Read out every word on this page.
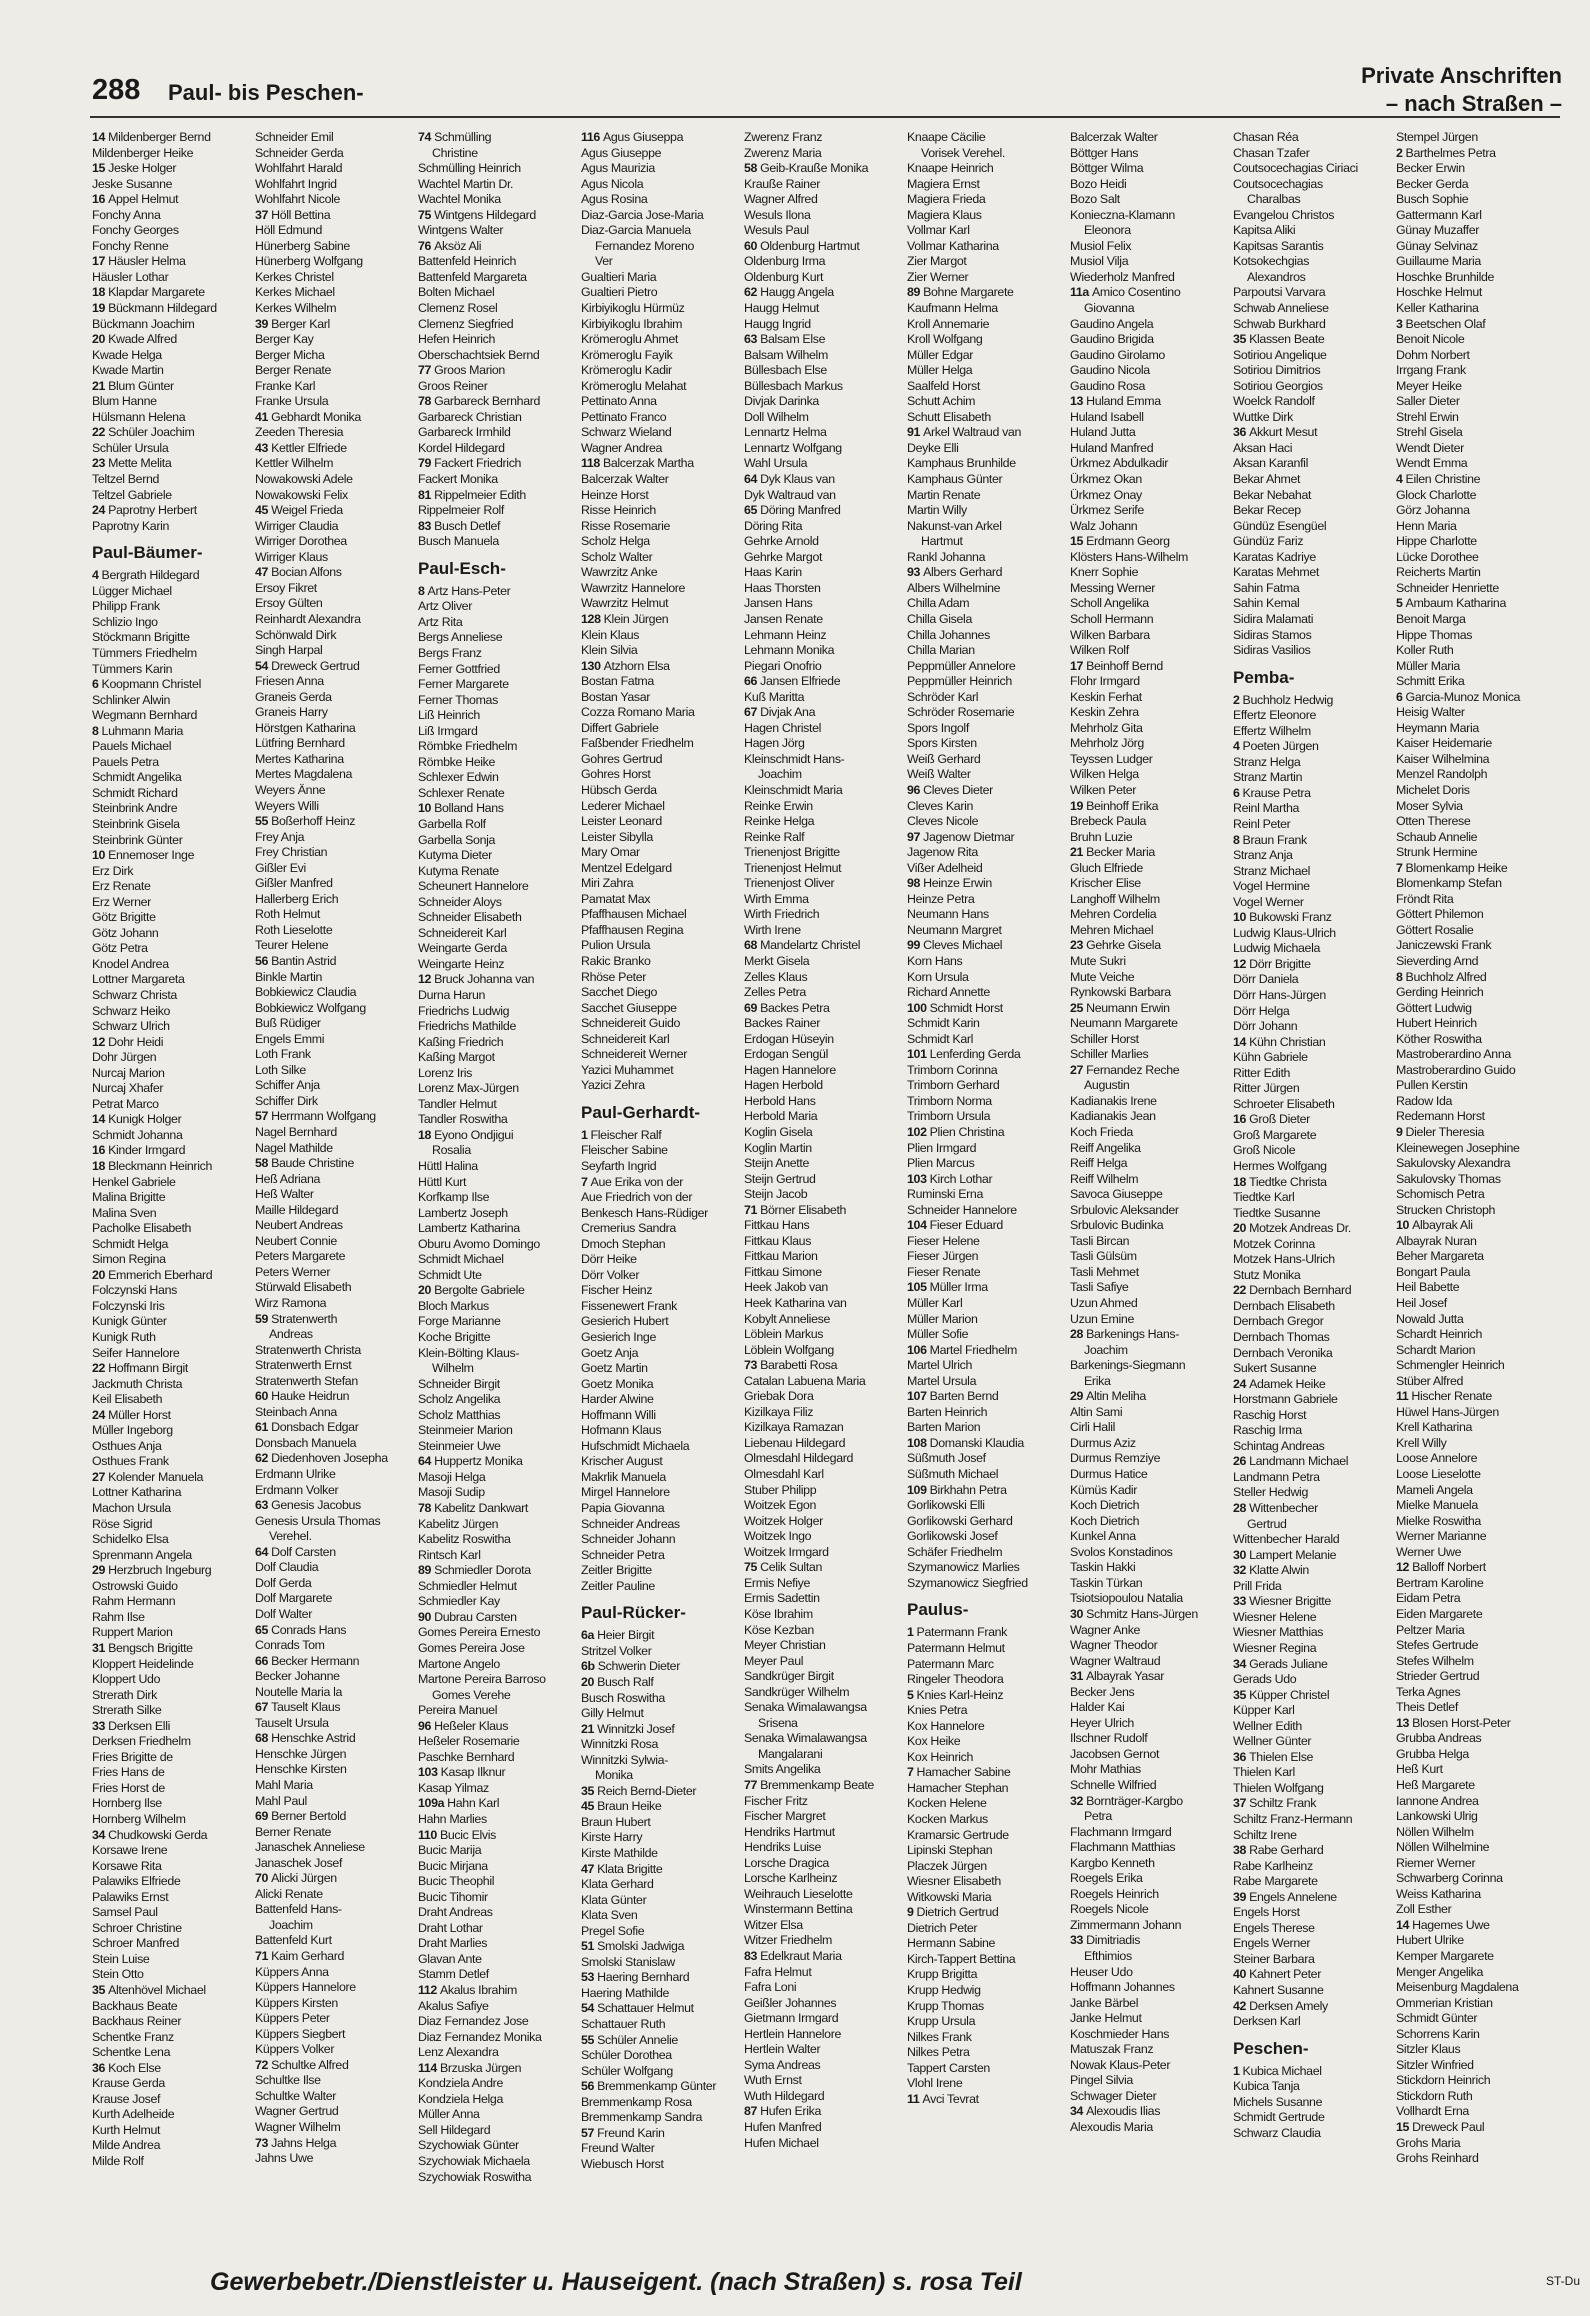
288 Paul- bis Peschen-
Private Anschriften
– nach Straßen –
14 Mildenberger Bernd
Mildenberger Heike
15 Jeske Holger
Jeske Susanne
16 Appel Helmut
Fonchy Anna
Fonchy Georges
Fonchy Renne
17 Häusler Helma
Häusler Lothar
18 Klapdar Margarete
19 Bückmann Hildegard
Bückmann Joachim
20 Kwade Alfred
Kwade Helga
Kwade Martin
21 Blum Günter
Blum Hanne
Hülsmann Helena
22 Schüler Joachim
Schüler Ursula
23 Mette Melita
Teltzel Bernd
Teltzel Gabriele
24 Paprotny Herbert
Paprotny Karin
Paul-Bäumer-
4 Bergrath Hildegard
Lügger Michael
Philipp Frank
Schlizio Ingo
Stöckmann Brigitte
Tümmers Friedhelm
Tümmers Karin
6 Koopmann Christel
Schlinker Alwin
Wegmann Bernhard
8 Luhmann Maria
Pauels Michael
Pauels Petra
Schmidt Angelika
Schmidt Richard
Steinbrink Andre
Steinbrink Gisela
Steinbrink Günter
10 Ennemoser Inge
Erz Dirk
Erz Renate
Erz Werner
Götz Brigitte
Götz Johann
Götz Petra
Knodel Andrea
Lottner Margareta
Schwarz Christa
Schwarz Heiko
Schwarz Ulrich
12 Dohr Heidi
Dohr Jürgen
Nurcaj Marion
Nurcaj Xhafer
Petrat Marco
14 Kunigk Holger
Schmidt Johanna
16 Kinder Irmgard
18 Bleckmann Heinrich
Henkel Gabriele
Malina Brigitte
Malina Sven
Pacholke Elisabeth
Schmidt Helga
Simon Regina
20 Emmerich Eberhard
Folczynski Hans
Folczynski Iris
Kunigk Günter
Kunigk Ruth
Seifer Hannelore
22 Hoffmann Birgit
Jackmuth Christa
Keil Elisabeth
24 Müller Horst
Müller Ingeborg
Osthues Anja
Osthues Frank
27 Kolender Manuela
Lottner Katharina
Machon Ursula
Röse Sigrid
Schidelko Elsa
Sprenmann Angela
29 Herzbruch Ingeburg
Ostrowski Guido
Rahm Hermann
Rahm Ilse
Ruppert Marion
31 Bengsch Brigitte
Kloppert Heidelinde
Kloppert Udo
Strerath Dirk
Strerath Silke
33 Derksen Elli
Derksen Friedhelm
Fries Brigitte de
Fries Hans de
Fries Horst de
Hornberg Ilse
Hornberg Wilhelm
34 Chudkowski Gerda
Korsawe Irene
Korsawe Rita
Palawiks Elfriede
Palawiks Ernst
Samsel Paul
Schroer Christine
Schroer Manfred
Stein Luise
Stein Otto
35 Altenhövel Michael
Backhaus Beate
Backhaus Reiner
Schentke Franz
Schentke Lena
36 Koch Else
Krause Gerda
Krause Josef
Kurth Adelheide
Kurth Helmut
Milde Andrea
Milde Rolf
Schneider Emil
Schneider Gerda
Wohlfahrt Harald
Wohlfahrt Ingrid
Wohlfahrt Nicole
37 Höll Bettina
Höll Edmund
Hünerberg Sabine
Hünerberg Wolfgang
Kerkes Christel
Kerkes Michael
Kerkes Wilhelm
39 Berger Karl
Berger Kay
Berger Micha
Berger Renate
Franke Karl
Franke Ursula
41 Gebhardt Monika
Zeeden Theresia
43 Kettler Elfriede
Kettler Wilhelm
Nowakowski Adele
Nowakowski Felix
45 Weigel Frieda
Wirriger Claudia
Wirriger Dorothea
Wirriger Klaus
47 Bocian Alfons
Ersoy Fikret
Ersoy Gülten
Reinhardt Alexandra
Schönwald Dirk
Singh Harpal
54 Dreweck Gertrud
Friesen Anna
Graneis Gerda
Graneis Harry
Hörstgen Katharina
Lütfring Bernhard
Mertes Katharina
Mertes Magdalena
Weyers Änne
Weyers Willi
55 Boßerhoff Heinz
Frey Anja
Frey Christian
Gißler Evi
Gißler Manfred
Hallerberg Erich
Roth Helmut
Roth Lieselotte
Teurer Helene
56 Bantin Astrid
Binkle Martin
Bobkiewicz Claudia
Bobkiewicz Wolfgang
Buß Rüdiger
Engels Emmi
Loth Frank
Loth Silke
Schiffer Anja
Schiffer Dirk
57 Herrmann Wolfgang
Nagel Bernhard
Nagel Mathilde
58 Baude Christine
Heß Adriana
Heß Walter
Maille Hildegard
Neubert Andreas
Neubert Connie
Peters Margarete
Peters Werner
Stürwald Elisabeth
Wirz Ramona
59 Stratenwerth
Andreas
Stratenwerth Christa
Stratenwerth Ernst
Stratenwerth Stefan
60 Hauke Heidrun
Steinbach Anna
61 Donsbach Edgar
Donsbach Manuela
62 Diedenhoven Josepha
Erdmann Ulrike
Erdmann Volker
63 Genesis Jacobus
Genesis Ursula Thomas
Verehel.
64 Dolf Carsten
Dolf Claudia
Dolf Gerda
Dolf Margarete
Dolf Walter
65 Conrads Hans
Conrads Tom
66 Becker Hermann
Becker Johanne
Noutelle Maria la
67 Tauselt Klaus
Tauselt Ursula
68 Henschke Astrid
Henschke Jürgen
Henschke Kirsten
Mahl Maria
Mahl Paul
69 Berner Bertold
Berner Renate
Janaschek Anneliese
Janaschek Josef
70 Alicki Jürgen
Alicki Renate
Battenfeld Hans-
Joachim
Battenfeld Kurt
71 Kaim Gerhard
Küppers Anna
Küppers Hannelore
Küppers Kirsten
Küppers Peter
Küppers Siegbert
Küppers Volker
72 Schultke Alfred
Schultke Ilse
Schultke Walter
Wagner Gertrud
Wagner Wilhelm
73 Jahns Helga
Jahns Uwe
74 Schmülling
Christine
Schmülling Heinrich
Wachtel Martin Dr.
Wachtel Monika
75 Wintgens Hildegard
Wintgens Walter
76 Aksöz Ali
Battenfeld Heinrich
Battenfeld Margareta
Bolten Michael
Clemenz Rosel
Clemenz Siegfried
Hefen Heinrich
Oberschachtsiek Bernd
77 Groos Marion
Groos Reiner
78 Garbareck Bernhard
Garbareck Christian
Garbareck Irmhild
Kordel Hildegard
79 Fackert Friedrich
Fackert Monika
81 Rippelmeier Edith
Rippelmeier Rolf
83 Busch Detlef
Busch Manuela
Paul-Esch-
8 Artz Hans-Peter
Artz Oliver
Artz Rita
Bergs Anneliese
Bergs Franz
Ferner Gottfried
Ferner Margarete
Ferner Thomas
Liß Heinrich
Liß Irmgard
Römbke Friedhelm
Römbke Heike
Schlexer Edwin
Schlexer Renate
10 Bolland Hans
Garbella Rolf
Garbella Sonja
Kutyma Dieter
Kutyma Renate
Scheunert Hannelore
Schneider Aloys
Schneider Elisabeth
Schneidereit Karl
Weingarte Gerda
Weingarte Heinz
12 Bruck Johanna van
Durna Harun
Friedrichs Ludwig
Friedrichs Mathilde
Kaßing Friedrich
Kaßing Margot
Lorenz Iris
Lorenz Max-Jürgen
Tandler Helmut
Tandler Roswitha
18 Eyono Ondjigui
Rosalia
Hüttl Halina
Hüttl Kurt
Korfkamp Ilse
Lambertz Joseph
Lambertz Katharina
Oburu Avomo Domingo
Schmidt Michael
Schmidt Ute
20 Bergolte Gabriele
Bloch Markus
Forge Marianne
Koche Brigitte
Klein-Bölting Klaus-
Wilhelm
Schneider Birgit
Scholz Angelika
Scholz Matthias
Steinmeier Marion
Steinmeier Uwe
64 Huppertz Monika
Masoji Helga
Masoji Sudip
78 Kabelitz Dankwart
Kabelitz Jürgen
Kabelitz Roswitha
Rintsch Karl
89 Schmiedler Dorota
Schmiedler Helmut
Schmiedler Kay
90 Dubrau Carsten
Gomes Pereira Ernesto
Gomes Pereira Jose
Martone Angelo
Martone Pereira Barroso
Gomes Verehe
Pereira Manuel
96 Heßeler Klaus
Heßeler Rosemarie
Paschke Bernhard
103 Kasap Ilknur
Kasap Yilmaz
109a Hahn Karl
Hahn Marlies
110 Bucic Elvis
Bucic Marija
Bucic Mirjana
Bucic Theophil
Bucic Tihomir
Draht Andreas
Draht Lothar
Draht Marlies
Glavan Ante
Stamm Detlef
112 Akalus Ibrahim
Akalus Safiye
Diaz Fernandez Jose
Diaz Fernandez Monika
Lenz Alexandra
114 Brzuska Jürgen
Kondziela Andre
Kondziela Helga
Müller Anna
Sell Hildegard
Szychowiak Günter
Szychowiak Michaela
Szychowiak Roswitha
116 Agus Giuseppa
Agus Giuseppe
Agus Maurizia
Agus Nicola
Agus Rosina
Diaz-Garcia Jose-Maria
Diaz-Garcia Manuela
Fernandez Moreno
Ver
Gualtieri Maria
Gualtieri Pietro
Kirbiyikoglu Hürmüz
Kirbiyikoglu Ibrahim
Krömeroglu Ahmet
Krömeroglu Fayik
Krömeroglu Kadir
Krömeroglu Melahat
Pettinato Anna
Pettinato Franco
Schwarz Wieland
Wagner Andrea
118 Balcerzak Martha
Balcerzak Walter
Heinze Horst
Risse Heinrich
Risse Rosemarie
Scholz Helga
Scholz Walter
Wawrzitz Anke
Wawrzitz Hannelore
Wawrzitz Helmut
128 Klein Jürgen
Klein Klaus
Klein Silvia
130 Atzhorn Elsa
Bostan Fatma
Bostan Yasar
Cozza Romano Maria
Differt Gabriele
Faßbender Friedhelm
Gohres Gertrud
Gohres Horst
Hübsch Gerda
Lederer Michael
Leister Leonard
Leister Sibylla
Mary Omar
Mentzel Edelgard
Miri Zahra
Pamatat Max
Pfaffhausen Michael
Pfaffhausen Regina
Pulion Ursula
Rakic Branko
Rhöse Peter
Sacchet Diego
Sacchet Giuseppe
Schneidereit Guido
Schneidereit Karl
Schneidereit Werner
Yazici Muhammet
Yazici Zehra
Paul-Gerhardt-
1 Fleischer Ralf
Fleischer Sabine
Seyfarth Ingrid
7 Aue Erika von der
Aue Friedrich von der
Benkesch Hans-Rüdiger
Cremerius Sandra
Dmoch Stephan
Dörr Heike
Dörr Volker
Fischer Heinz
Fissenewert Frank
Gesierich Hubert
Gesierich Inge
Goetz Anja
Goetz Martin
Goetz Monika
Harder Alwine
Hoffmann Willi
Hofmann Klaus
Hufschmidt Michaela
Krischer August
Makrlik Manuela
Mirgel Hannelore
Papia Giovanna
Schneider Andreas
Schneider Johann
Schneider Petra
Zeitler Brigitte
Zeitler Pauline
Paul-Rücker-
6a Heier Birgit
Stritzel Volker
6b Schwerin Dieter
20 Busch Ralf
Busch Roswitha
Gilly Helmut
21 Winnitzki Josef
Winnitzki Rosa
Winnitzki Sylwia-
Monika
35 Reich Bernd-Dieter
45 Braun Heike
Braun Hubert
Kirste Harry
Kirste Mathilde
47 Klata Brigitte
Klata Gerhard
Klata Günter
Klata Sven
Pregel Sofie
51 Smolski Jadwiga
Smolski Stanislaw
53 Haering Bernhard
Haering Mathilde
54 Schattauer Helmut
Schattauer Ruth
55 Schüler Annelie
Schüler Dorothea
Schüler Wolfgang
56 Bremmenkamp Günter
Bremmenkamp Rosa
Bremmenkamp Sandra
57 Freund Karin
Freund Walter
Wiebusch Horst
Zwerenz Franz
Zwerenz Maria
58 Geib-Krauße Monika
Krauße Rainer
Wagner Alfred
Wesuls Ilona
Wesuls Paul
60 Oldenburg Hartmut
Oldenburg Irma
Oldenburg Kurt
62 Haugg Angela
Haugg Helmut
Haugg Ingrid
63 Balsam Else
Balsam Wilhelm
Büllesbach Else
Büllesbach Markus
Divjak Darinka
Doll Wilhelm
Lennartz Helma
Lennartz Wolfgang
Wahl Ursula
64 Dyk Klaus van
Dyk Waltraud van
65 Döring Manfred
Döring Rita
Gehrke Arnold
Gehrke Margot
Haas Karin
Haas Thorsten
Jansen Hans
Jansen Renate
Lehmann Heinz
Lehmann Monika
Piegari Onofrio
66 Jansen Elfriede
Kuß Maritta
67 Divjak Ana
Hagen Christel
Hagen Jörg
Kleinschmidt Hans-
Joachim
Kleinschmidt Maria
Reinke Erwin
Reinke Helga
Reinke Ralf
Trienenjost Brigitte
Trienenjost Helmut
Trienenjost Oliver
Wirth Emma
Wirth Friedrich
Wirth Irene
68 Mandelartz Christel
Merkt Gisela
Zelles Klaus
Zelles Petra
69 Backes Petra
Backes Rainer
Erdogan Hüseyin
Erdogan Sengül
Hagen Hannelore
Hagen Herbold
Herbold Hans
Herbold Maria
Koglin Gisela
Koglin Martin
Steijn Anette
Steijn Gertrud
Steijn Jacob
71 Börner Elisabeth
Fittkau Hans
Fittkau Klaus
Fittkau Marion
Fittkau Simone
Heek Jakob van
Heek Katharina van
Kobylt Anneliese
Löblein Markus
Löblein Wolfgang
73 Barabetti Rosa
Catalan Labuena Maria
Griebak Dora
Kizilkaya Filiz
Kizilkaya Ramazan
Liebenau Hildegard
Olmesdahl Hildegard
Olmesdahl Karl
Stuber Philipp
Woitzek Egon
Woitzek Holger
Woitzek Ingo
Woitzek Irmgard
75 Celik Sultan
Ermis Nefiye
Ermis Sadettin
Köse Ibrahim
Köse Kezban
Meyer Christian
Meyer Paul
Sandkrüger Birgit
Sandkrüger Wilhelm
Senaka Wimalawangsa
Srisena
Senaka Wimalawangsa
Mangalarani
Smits Angelika
77 Bremmenkamp Beate
Fischer Fritz
Fischer Margret
Hendriks Hartmut
Hendriks Luise
Lorsche Dragica
Lorsche Karlheinz
Weihrauch Lieselotte
Winstermann Bettina
Witzer Elsa
Witzer Friedhelm
83 Edelkraut Maria
Fafra Helmut
Fafra Loni
Geißler Johannes
Gietmann Irmgard
Hertlein Hannelore
Hertlein Walter
Syma Andreas
Wuth Ernst
Wuth Hildegard
87 Hufen Erika
Hufen Manfred
Hufen Michael
Knaape Cäcilie
Vorisek Verehel.
Knaape Heinrich
Magiera Ernst
Magiera Frieda
Magiera Klaus
Vollmar Karl
Vollmar Katharina
Zier Margot
Zier Werner
89 Bohne Margarete
Kaufmann Helma
Kroll Annemarie
Kroll Wolfgang
Müller Edgar
Müller Helga
Saalfeld Horst
Schutt Achim
Schutt Elisabeth
91 Arkel Waltraud van
Deyke Elli
Kamphaus Brunhilde
Kamphaus Günter
Martin Renate
Martin Willy
Nakunst-van Arkel
Hartmut
Rankl Johanna
93 Albers Gerhard
Albers Wilhelmine
Chilla Adam
Chilla Gisela
Chilla Johannes
Chilla Marian
Peppmüller Annelore
Peppmüller Heinrich
Schröder Karl
Schröder Rosemarie
Spors Ingolf
Spors Kirsten
Weiß Gerhard
Weiß Walter
96 Cleves Dieter
Cleves Karin
Cleves Nicole
97 Jagenow Dietmar
Jagenow Rita
Vißer Adelheid
98 Heinze Erwin
Heinze Petra
Neumann Hans
Neumann Margret
99 Cleves Michael
Korn Hans
Korn Ursula
Richard Annette
100 Schmidt Horst
Schmidt Karin
Schmidt Karl
101 Lenferding Gerda
Trimborn Corinna
Trimborn Gerhard
Trimborn Norma
Trimborn Ursula
102 Plien Christina
Plien Irmgard
Plien Marcus
103 Kirch Lothar
Ruminski Erna
Schneider Hannelore
104 Fieser Eduard
Fieser Helene
Fieser Jürgen
Fieser Renate
105 Müller Irma
Müller Karl
Müller Marion
Müller Sofie
106 Martel Friedhelm
Martel Ulrich
Martel Ursula
107 Barten Bernd
Barten Heinrich
Barten Marion
108 Domanski Klaudia
Süßmuth Josef
Süßmuth Michael
109 Birkhahn Petra
Gorlikowski Elli
Gorlikowski Gerhard
Gorlikowski Josef
Schäfer Friedhelm
Szymanowicz Marlies
Szymanowicz Siegfried
Paulus-
1 Patermann Frank
Patermann Helmut
Patermann Marc
Ringeler Theodora
5 Knies Karl-Heinz
Knies Petra
Kox Hannelore
Kox Heike
Kox Heinrich
7 Hamacher Sabine
Hamacher Stephan
Kocken Helene
Kocken Markus
Kramarsic Gertrude
Lipinski Stephan
Placzek Jürgen
Wiesner Elisabeth
Witkowski Maria
9 Dietrich Gertrud
Dietrich Peter
Hermann Sabine
Kirch-Tappert Bettina
Krupp Brigitta
Krupp Hedwig
Krupp Thomas
Krupp Ursula
Nilkes Frank
Nilkes Petra
Tappert Carsten
Vlohl Irene
11 Avci Tevrat
Balcerzak Walter
Böttger Hans
Böttger Wilma
Bozo Heidi
Bozo Salt
Konieczna-Klamann
Eleonora
Musiol Felix
Musiol Vilja
Wiederholz Manfred
11a Amico Cosentino
Giovanna
Gaudino Angela
Gaudino Brigida
Gaudino Girolamo
Gaudino Nicola
Gaudino Rosa
13 Huland Emma
Huland Isabell
Huland Jutta
Huland Manfred
Ürkmez Abdulkadir
Ürkmez Okan
Ürkmez Onay
Ürkmez Serife
Walz Johann
15 Erdmann Georg
Klösters Hans-Wilhelm
Knerr Sophie
Messing Werner
Scholl Angelika
Scholl Hermann
Wilken Barbara
Wilken Rolf
17 Beinhoff Bernd
Flohr Irmgard
Keskin Ferhat
Keskin Zehra
Mehrholz Gita
Mehrholz Jörg
Teyssen Ludger
Wilken Helga
Wilken Peter
19 Beinhoff Erika
Brebeck Paula
Bruhn Luzie
21 Becker Maria
Gluch Elfriede
Krischer Elise
Langhoff Wilhelm
Mehren Cordelia
Mehren Michael
23 Gehrke Gisela
Mute Sukri
Mute Veiche
Rynkowski Barbara
25 Neumann Erwin
Neumann Margarete
Schiller Horst
Schiller Marlies
27 Fernandez Reche
Augustin
Kadianakis Irene
Kadianakis Jean
Koch Frieda
Reiff Angelika
Reiff Helga
Reiff Wilhelm
Savoca Giuseppe
Srbulovic Aleksander
Srbulovic Budinka
Tasli Bircan
Tasli Gülsüm
Tasli Mehmet
Tasli Safiye
Uzun Ahmed
Uzun Emine
28 Barkenings Hans-
Joachim
Barkenings-Siegmann
Erika
29 Altin Meliha
Altin Sami
Cirli Halil
Durmus Aziz
Durmus Remziye
Durmus Hatice
Kümüs Kadir
Koch Dietrich
Koch Dietrich
Kunkel Anna
Svolos Konstadinos
Taskin Hakki
Taskin Türkan
Tsiotsiopoulou Natalia
30 Schmitz Hans-Jürgen
Wagner Anke
Wagner Theodor
Wagner Waltraud
31 Albayrak Yasar
Becker Jens
Halder Kai
Heyer Ulrich
Ilschner Rudolf
Jacobsen Gernot
Mohr Mathias
Schnelle Wilfried
32 Bornträger-Kargbo
Petra
Flachmann Irmgard
Flachmann Matthias
Kargbo Kenneth
Roegels Erika
Roegels Heinrich
Roegels Nicole
Zimmermann Johann
33 Dimitriadis
Efthimios
Heuser Udo
Hoffmann Johannes
Janke Bärbel
Janke Helmut
Koschmieder Hans
Matuszak Franz
Nowak Klaus-Peter
Pingel Silvia
Schwager Dieter
34 Alexoudis Ilias
Alexoudis Maria
Chasan Réa
Chasan Tzafer
Coutsocechagias Ciriaci
Coutsocechagias
Charalbas
Evangelou Christos
Kapitsa Aliki
Kapitsas Sarantis
Kotsokechgias
Alexandros
Parpoutsi Varvara
Schwab Anneliese
Schwab Burkhard
35 Klassen Beate
Sotiriou Angelique
Sotiriou Dimitrios
Sotiriou Georgios
Woelck Randolf
Wuttke Dirk
36 Akkurt Mesut
Aksan Haci
Aksan Karanfil
Bekar Ahmet
Bekar Nebahat
Bekar Recep
Gündüz Esengüel
Gündüz Fariz
Karatas Kadriye
Karatas Mehmet
Sahin Fatma
Sahin Kemal
Sidira Malamati
Sidiras Stamos
Sidiras Vasilios
Pemba-
2 Buchholz Hedwig
Effertz Eleonore
Effertz Wilhelm
4 Poeten Jürgen
Stranz Helga
Stranz Martin
6 Krause Petra
Reinl Martha
Reinl Peter
8 Braun Frank
Stranz Anja
Stranz Michael
Vogel Hermine
Vogel Werner
10 Bukowski Franz
Ludwig Klaus-Ulrich
Ludwig Michaela
12 Dörr Brigitte
Dörr Daniela
Dörr Hans-Jürgen
Dörr Helga
Dörr Johann
14 Kühn Christian
Kühn Gabriele
Ritter Edith
Ritter Jürgen
Schroeter Elisabeth
16 Groß Dieter
Groß Margarete
Groß Nicole
Hermes Wolfgang
18 Tiedtke Christa
Tiedtke Karl
Tiedtke Susanne
20 Motzek Andreas Dr.
Motzek Corinna
Motzek Hans-Ulrich
Stutz Monika
22 Dernbach Bernhard
Dernbach Elisabeth
Dernbach Gregor
Dernbach Thomas
Dernbach Veronika
Sukert Susanne
24 Adamek Heike
Horstmann Gabriele
Raschig Horst
Raschig Irma
Schintag Andreas
26 Landmann Michael
Landmann Petra
Steller Hedwig
28 Wittenbecher
Gertrud
Wittenbecher Harald
30 Lampert Melanie
32 Klatte Alwin
Prill Frida
33 Wiesner Brigitte
Wiesner Helene
Wiesner Matthias
Wiesner Regina
34 Gerads Juliane
Gerads Udo
35 Küpper Christel
Küpper Karl
Wellner Edith
Wellner Günter
36 Thielen Else
Thielen Karl
Thielen Wolfgang
37 Schiltz Frank
Schiltz Franz-Hermann
Schiltz Irene
38 Rabe Gerhard
Rabe Karlheinz
Rabe Margarete
39 Engels Annelene
Engels Horst
Engels Therese
Engels Werner
Steiner Barbara
40 Kahnert Peter
Kahnert Susanne
42 Derksen Amely
Derksen Karl
Peschen-
1 Kubica Michael
Kubica Tanja
Michels Susanne
Schmidt Gertrude
Schwarz Claudia
Stempel Jürgen
2 Barthelmes Petra
Becker Erwin
Becker Gerda
Busch Sophie
Gattermann Karl
Günay Muzaffer
Günay Selvinaz
Guillaume Maria
Hoschke Brunhilde
Hoschke Helmut
Keller Katharina
3 Beetschen Olaf
Benoit Nicole
Dohm Norbert
Irrgang Frank
Meyer Heike
Saller Dieter
Strehl Erwin
Strehl Gisela
Wendt Dieter
Wendt Emma
4 Eilen Christine
Glock Charlotte
Görz Johanna
Henn Maria
Hippe Charlotte
Lücke Dorothee
Reicherts Martin
Schneider Henriette
5 Ambaum Katharina
Benoit Marga
Hippe Thomas
Koller Ruth
Müller Maria
Schmitt Erika
6 Garcia-Munoz Monica
Heisig Walter
Heymann Maria
Kaiser Heidemarie
Kaiser Wilhelmina
Menzel Randolph
Michelet Doris
Moser Sylvia
Otten Therese
Schaub Annelie
Strunk Hermine
7 Blomenkamp Heike
Blomenkamp Stefan
Fröndt Rita
Göttert Philemon
Göttert Rosalie
Janiczewski Frank
Sieverding Arnd
8 Buchholz Alfred
Gerding Heinrich
Göttert Ludwig
Hubert Heinrich
Köther Roswitha
Mastroberardino Anna
Mastroberardino Guido
Pullen Kerstin
Radow Ida
Redemann Horst
9 Dieler Theresia
Kleinewegen Josephine
Sakulovsky Alexandra
Sakulovsky Thomas
Schomisch Petra
Strucken Christoph
10 Albayrak Ali
Albayrak Nuran
Beher Margareta
Bongart Paula
Heil Babette
Heil Josef
Nowald Jutta
Schardt Heinrich
Schardt Marion
Schmengler Heinrich
Stüber Alfred
11 Hischer Renate
Hüwel Hans-Jürgen
Krell Katharina
Krell Willy
Loose Annelore
Loose Lieselotte
Mameli Angela
Mielke Manuela
Mielke Roswitha
Werner Marianne
Werner Uwe
12 Balloff Norbert
Bertram Karoline
Eidam Petra
Eiden Margarete
Peltzer Maria
Stefes Gertrude
Stefes Wilhelm
Strieder Gertrud
Terka Agnes
Theis Detlef
13 Blosen Horst-Peter
Grubba Andreas
Grubba Helga
Heß Kurt
Heß Margarete
Iannone Andrea
Lankowski Ulrig
Nöllen Wilhelm
Nöllen Wilhelmine
Riemer Werner
Schwarberg Corinna
Weiss Katharina
Zoll Esther
14 Hagemes Uwe
Hubert Ulrike
Kemper Margarete
Menger Angelika
Meisenburg Magdalena
Ommerian Kristian
Schmidt Günter
Schorrens Karin
Sitzler Klaus
Sitzler Winfried
Stickdorn Heinrich
Stickdorn Ruth
Vollhardt Erna
15 Dreweck Paul
Grohs Maria
Grohs Reinhard
Gewerbebetr./Dienstleister u. Hauseigent. (nach Straßen) s. rosa Teil	ST-Du
